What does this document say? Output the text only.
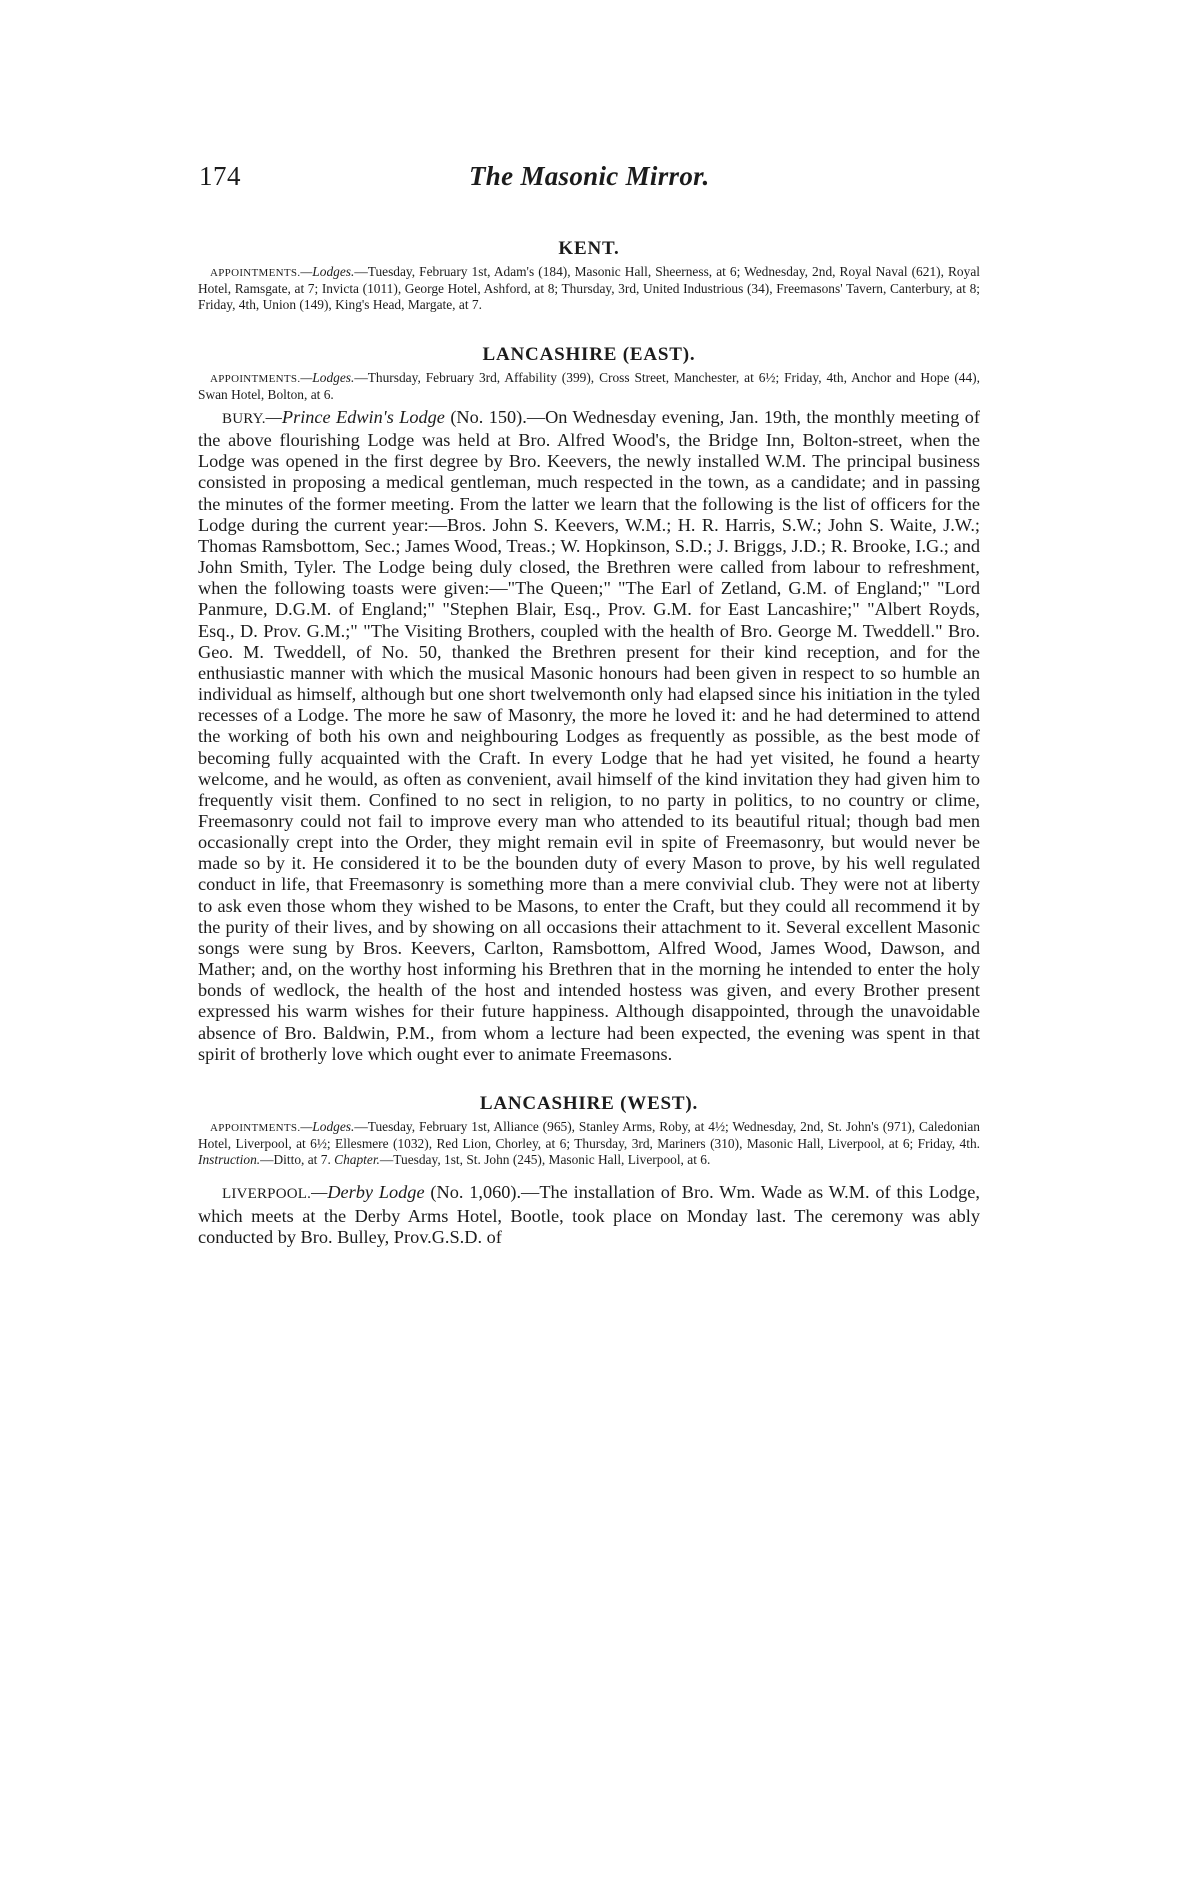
174	The Masonic Mirror.
KENT.

APPOINTMENTS.—Lodges.—Tuesday, February 1st, Adam's (184), Masonic Hall, Sheerness, at 6; Wednesday, 2nd, Royal Naval (621), Royal Hotel, Ramsgate, at 7; Invicta (1011), George Hotel, Ashford, at 8; Thursday, 3rd, United Industrious (34), Freemasons' Tavern, Canterbury, at 8; Friday, 4th, Union (149), King's Head, Margate, at 7.

LANCASHIRE (EAST).

APPOINTMENTS.—Lodges.—Thursday, February 3rd, Affability (399), Cross Street, Manchester, at 6½; Friday, 4th, Anchor and Hope (44), Swan Hotel, Bolton, at 6.

BURY.—Prince Edwin's Lodge (No. 150).—On Wednesday evening, Jan. 19th, the monthly meeting of the above flourishing Lodge was held at Bro. Alfred Wood's, the Bridge Inn, Bolton-street, when the Lodge was opened in the first degree by Bro. Keevers, the newly installed W.M. The principal business consisted in proposing a medical gentleman, much respected in the town, as a candidate; and in passing the minutes of the former meeting. From the latter we learn that the following is the list of officers for the Lodge during the current year:—Bros. John S. Keevers, W.M.; H. R. Harris, S.W.; John S. Waite, J.W.; Thomas Ramsbottom, Sec.; James Wood, Treas.; W. Hopkinson, S.D.; J. Briggs, J.D.; R. Brooke, I.G.; and John Smith, Tyler. The Lodge being duly closed, the Brethren were called from labour to refreshment, when the following toasts were given:—"The Queen;" "The Earl of Zetland, G.M. of England;" "Lord Panmure, D.G.M. of England;" "Stephen Blair, Esq., Prov. G.M. for East Lancashire;" "Albert Royds, Esq., D. Prov. G.M.;" "The Visiting Brothers, coupled with the health of Bro. George M. Tweddell." Bro. Geo. M. Tweddell, of No. 50, thanked the Brethren present for their kind reception, and for the enthusiastic manner with which the musical Masonic honours had been given in respect to so humble an individual as himself, although but one short twelvemonth only had elapsed since his initiation in the tyled recesses of a Lodge. The more he saw of Masonry, the more he loved it: and he had determined to attend the working of both his own and neighbouring Lodges as frequently as possible, as the best mode of becoming fully acquainted with the Craft. In every Lodge that he had yet visited, he found a hearty welcome, and he would, as often as convenient, avail himself of the kind invitation they had given him to frequently visit them. Confined to no sect in religion, to no party in politics, to no country or clime, Freemasonry could not fail to improve every man who attended to its beautiful ritual; though bad men occasionally crept into the Order, they might remain evil in spite of Freemasonry, but would never be made so by it. He considered it to be the bounden duty of every Mason to prove, by his well regulated conduct in life, that Freemasonry is something more than a mere convivial club. They were not at liberty to ask even those whom they wished to be Masons, to enter the Craft, but they could all recommend it by the purity of their lives, and by showing on all occasions their attachment to it. Several excellent Masonic songs were sung by Bros. Keevers, Carlton, Ramsbottom, Alfred Wood, James Wood, Dawson, and Mather; and, on the worthy host informing his Brethren that in the morning he intended to enter the holy bonds of wedlock, the health of the host and intended hostess was given, and every Brother present expressed his warm wishes for their future happiness. Although disappointed, through the unavoidable absence of Bro. Baldwin, P.M., from whom a lecture had been expected, the evening was spent in that spirit of brotherly love which ought ever to animate Freemasons.

LANCASHIRE (WEST).

APPOINTMENTS.—Lodges.—Tuesday, February 1st, Alliance (965), Stanley Arms, Roby, at 4½; Wednesday, 2nd, St. John's (971), Caledonian Hotel, Liverpool, at 6½; Ellesmere (1032), Red Lion, Chorley, at 6; Thursday, 3rd, Mariners (310), Masonic Hall, Liverpool, at 6; Friday, 4th. Instruction.—Ditto, at 7. Chapter.—Tuesday, 1st, St. John (245), Masonic Hall, Liverpool, at 6.

LIVERPOOL.—Derby Lodge (No. 1,060).—The installation of Bro. Wm. Wade as W.M. of this Lodge, which meets at the Derby Arms Hotel, Bootle, took place on Monday last. The ceremony was ably conducted by Bro. Bulley, Prov.G.S.D. of
